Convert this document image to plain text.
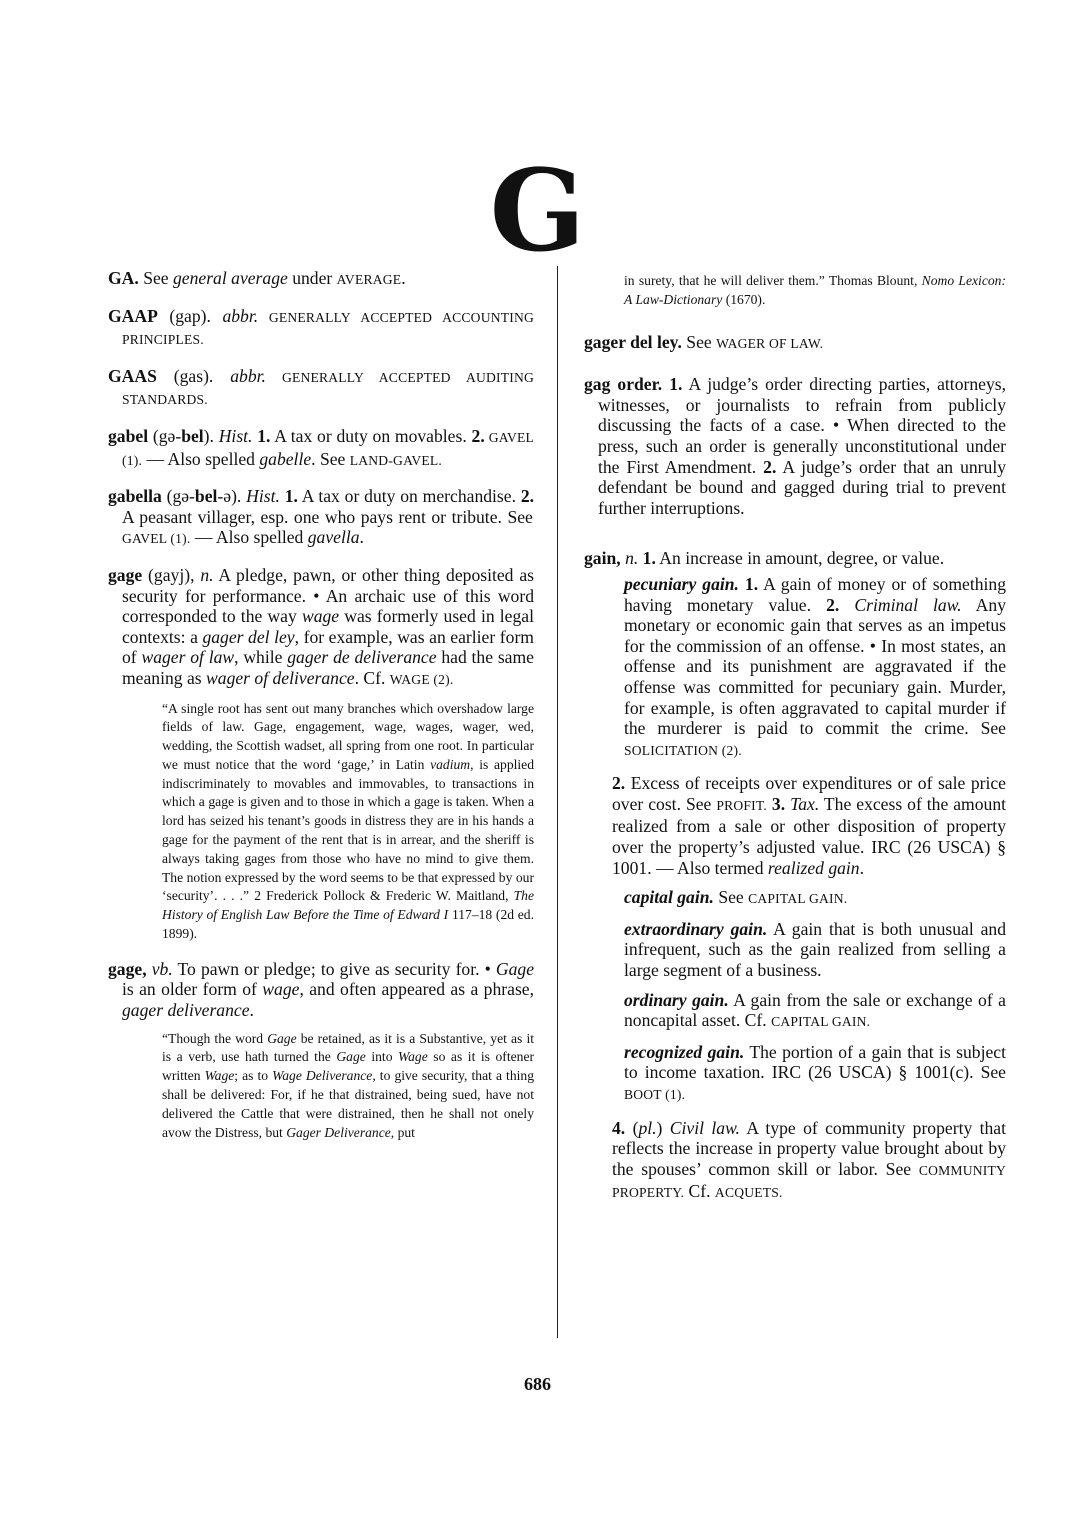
G

GA. See general average under AVERAGE.

GAAP (gap). abbr. GENERALLY ACCEPTED ACCOUNTING PRINCIPLES.

GAAS (gas). abbr. GENERALLY ACCEPTED AUDITING STANDARDS.

gabel (gə-bel). Hist. 1. A tax or duty on movables. 2. GAVEL (1). — Also spelled gabelle. See LAND-GAVEL.

gabella (gə-bel-ə). Hist. 1. A tax or duty on merchandise. 2. A peasant villager, esp. one who pays rent or tribute. See GAVEL (1). — Also spelled gavella.

gage (gayj), n. A pledge, pawn, or other thing deposited as security for performance. • An archaic use of this word corresponded to the way wage was formerly used in legal contexts: a gager del ley, for example, was an earlier form of wager of law, while gager de deliverance had the same meaning as wager of deliverance. Cf. WAGE (2).
“A single root has sent out many branches which overshadow large fields of law. Gage, engagement, wage, wages, wager, wed, wedding, the Scottish wadset, all spring from one root. In particular we must notice that the word ‘gage,’ in Latin vadium, is applied indiscriminately to movables and immovables, to transactions in which a gage is given and to those in which a gage is taken. When a lord has seized his tenant’s goods in distress they are in his hands a gage for the payment of the rent that is in arrear, and the sheriff is always taking gages from those who have no mind to give them. The notion expressed by the word seems to be that expressed by our ‘security’. . . .” 2 Frederick Pollock & Frederic W. Maitland, The History of English Law Before the Time of Edward I 117–18 (2d ed. 1899).
gage, vb. To pawn or pledge; to give as security for. • Gage is an older form of wage, and often appeared as a phrase, gager deliverance.
“Though the word Gage be retained, as it is a Substantive, yet as it is a verb, use hath turned the Gage into Wage so as it is oftener written Wage; as to Wage Deliverance, to give security, that a thing shall be delivered: For, if he that distrained, being sued, have not delivered the Cattle that were distrained, then he shall not onely avow the Distress, but Gager Deliverance, put
in surety, that he will deliver them.” Thomas Blount, Nomo Lexicon: A Law-Dictionary (1670).

gager del ley. See WAGER OF LAW.

gag order. 1. A judge’s order directing parties, attorneys, witnesses, or journalists to refrain from publicly discussing the facts of a case. • When directed to the press, such an order is generally unconstitutional under the First Amendment. 2. A judge’s order that an unruly defendant be bound and gagged during trial to prevent further interruptions.

gain, n. 1. An increase in amount, degree, or value.
pecuniary gain. 1. A gain of money or of something having monetary value. 2. Criminal law. Any monetary or economic gain that serves as an impetus for the commission of an offense. • In most states, an offense and its punishment are aggravated if the offense was committed for pecuniary gain. Murder, for example, is often aggravated to capital murder if the murderer is paid to commit the crime. See SOLICITATION (2).
2. Excess of receipts over expenditures or of sale price over cost. See PROFIT. 3. Tax. The excess of the amount realized from a sale or other disposition of property over the property’s adjusted value. IRC (26 USCA) § 1001. — Also termed realized gain.
capital gain. See CAPITAL GAIN.
extraordinary gain. A gain that is both unusual and infrequent, such as the gain realized from selling a large segment of a business.
ordinary gain. A gain from the sale or exchange of a noncapital asset. Cf. CAPITAL GAIN.
recognized gain. The portion of a gain that is subject to income taxation. IRC (26 USCA) § 1001(c). See BOOT (1).
4. (pl.) Civil law. A type of community property that reflects the increase in property value brought about by the spouses’ common skill or labor. See COMMUNITY PROPERTY. Cf. ACQUETS.
686
